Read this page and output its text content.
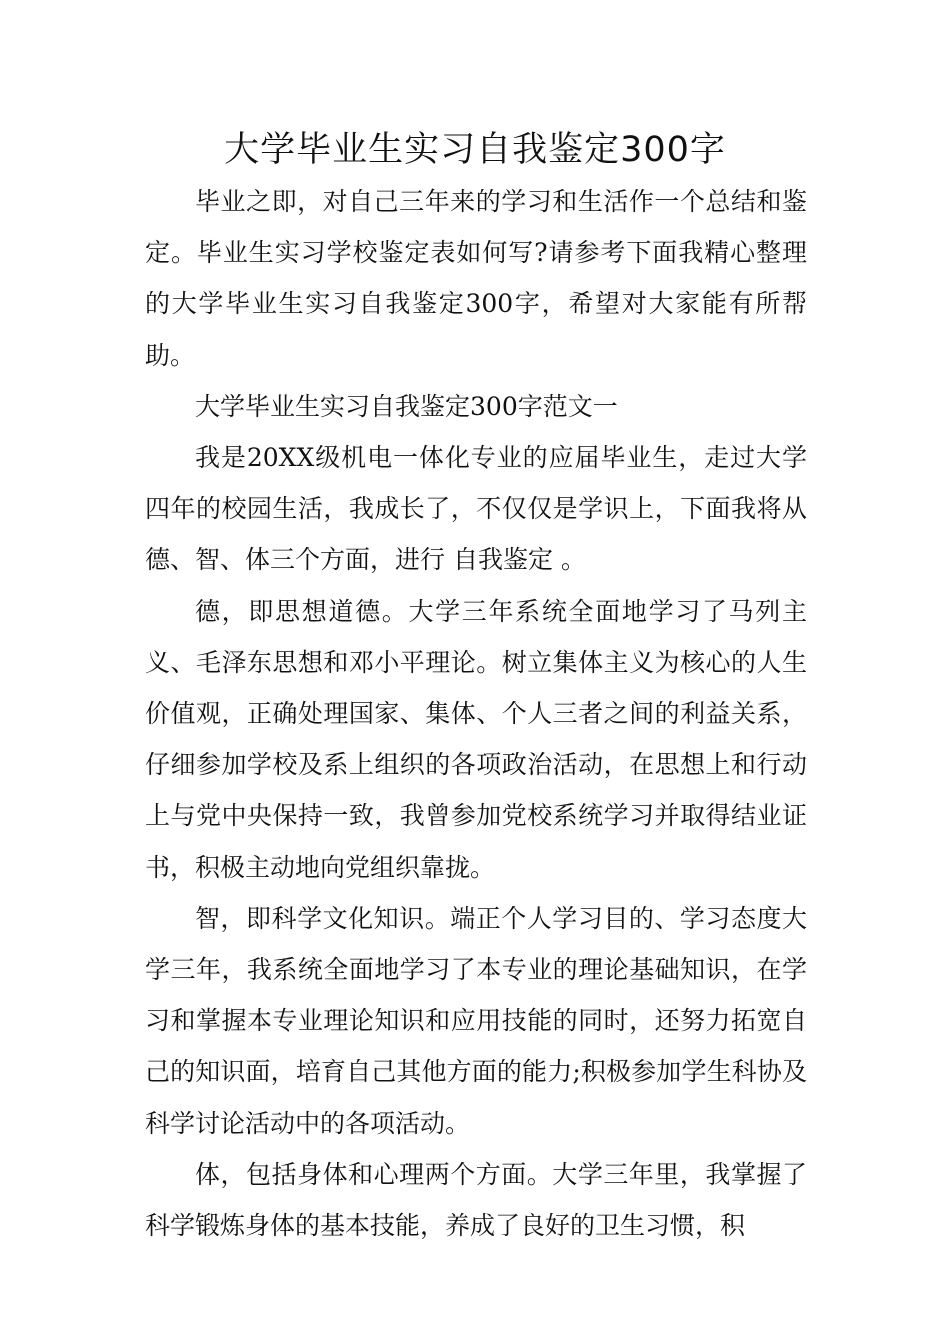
大学毕业生实习自我鉴定300字

毕业之即，对自己三年来的学习和生活作一个总结和鉴定。毕业生实习学校鉴定表如何写?请参考下面我精心整理的大学毕业生实习自我鉴定300字，希望对大家能有所帮助。

大学毕业生实习自我鉴定300字范文一

我是20XX级机电一体化专业的应届毕业生，走过大学四年的校园生活，我成长了，不仅仅是学识上，下面我将从德、智、体三个方面，进行 自我鉴定 。

德，即思想道德。大学三年系统全面地学习了马列主义、毛泽东思想和邓小平理论。树立集体主义为核心的人生价值观，正确处理国家、集体、个人三者之间的利益关系，仔细参加学校及系上组织的各项政治活动，在思想上和行动上与党中央保持一致，我曾参加党校系统学习并取得结业证书，积极主动地向党组织靠拢。

智，即科学文化知识。端正个人学习目的、学习态度大学三年，我系统全面地学习了本专业的理论基础知识，在学习和掌握本专业理论知识和应用技能的同时，还努力拓宽自己的知识面，培育自己其他方面的能力;积极参加学生科协及科学讨论活动中的各项活动。

体，包括身体和心理两个方面。大学三年里，我掌握了科学锻炼身体的基本技能，养成了良好的卫生习惯，积
